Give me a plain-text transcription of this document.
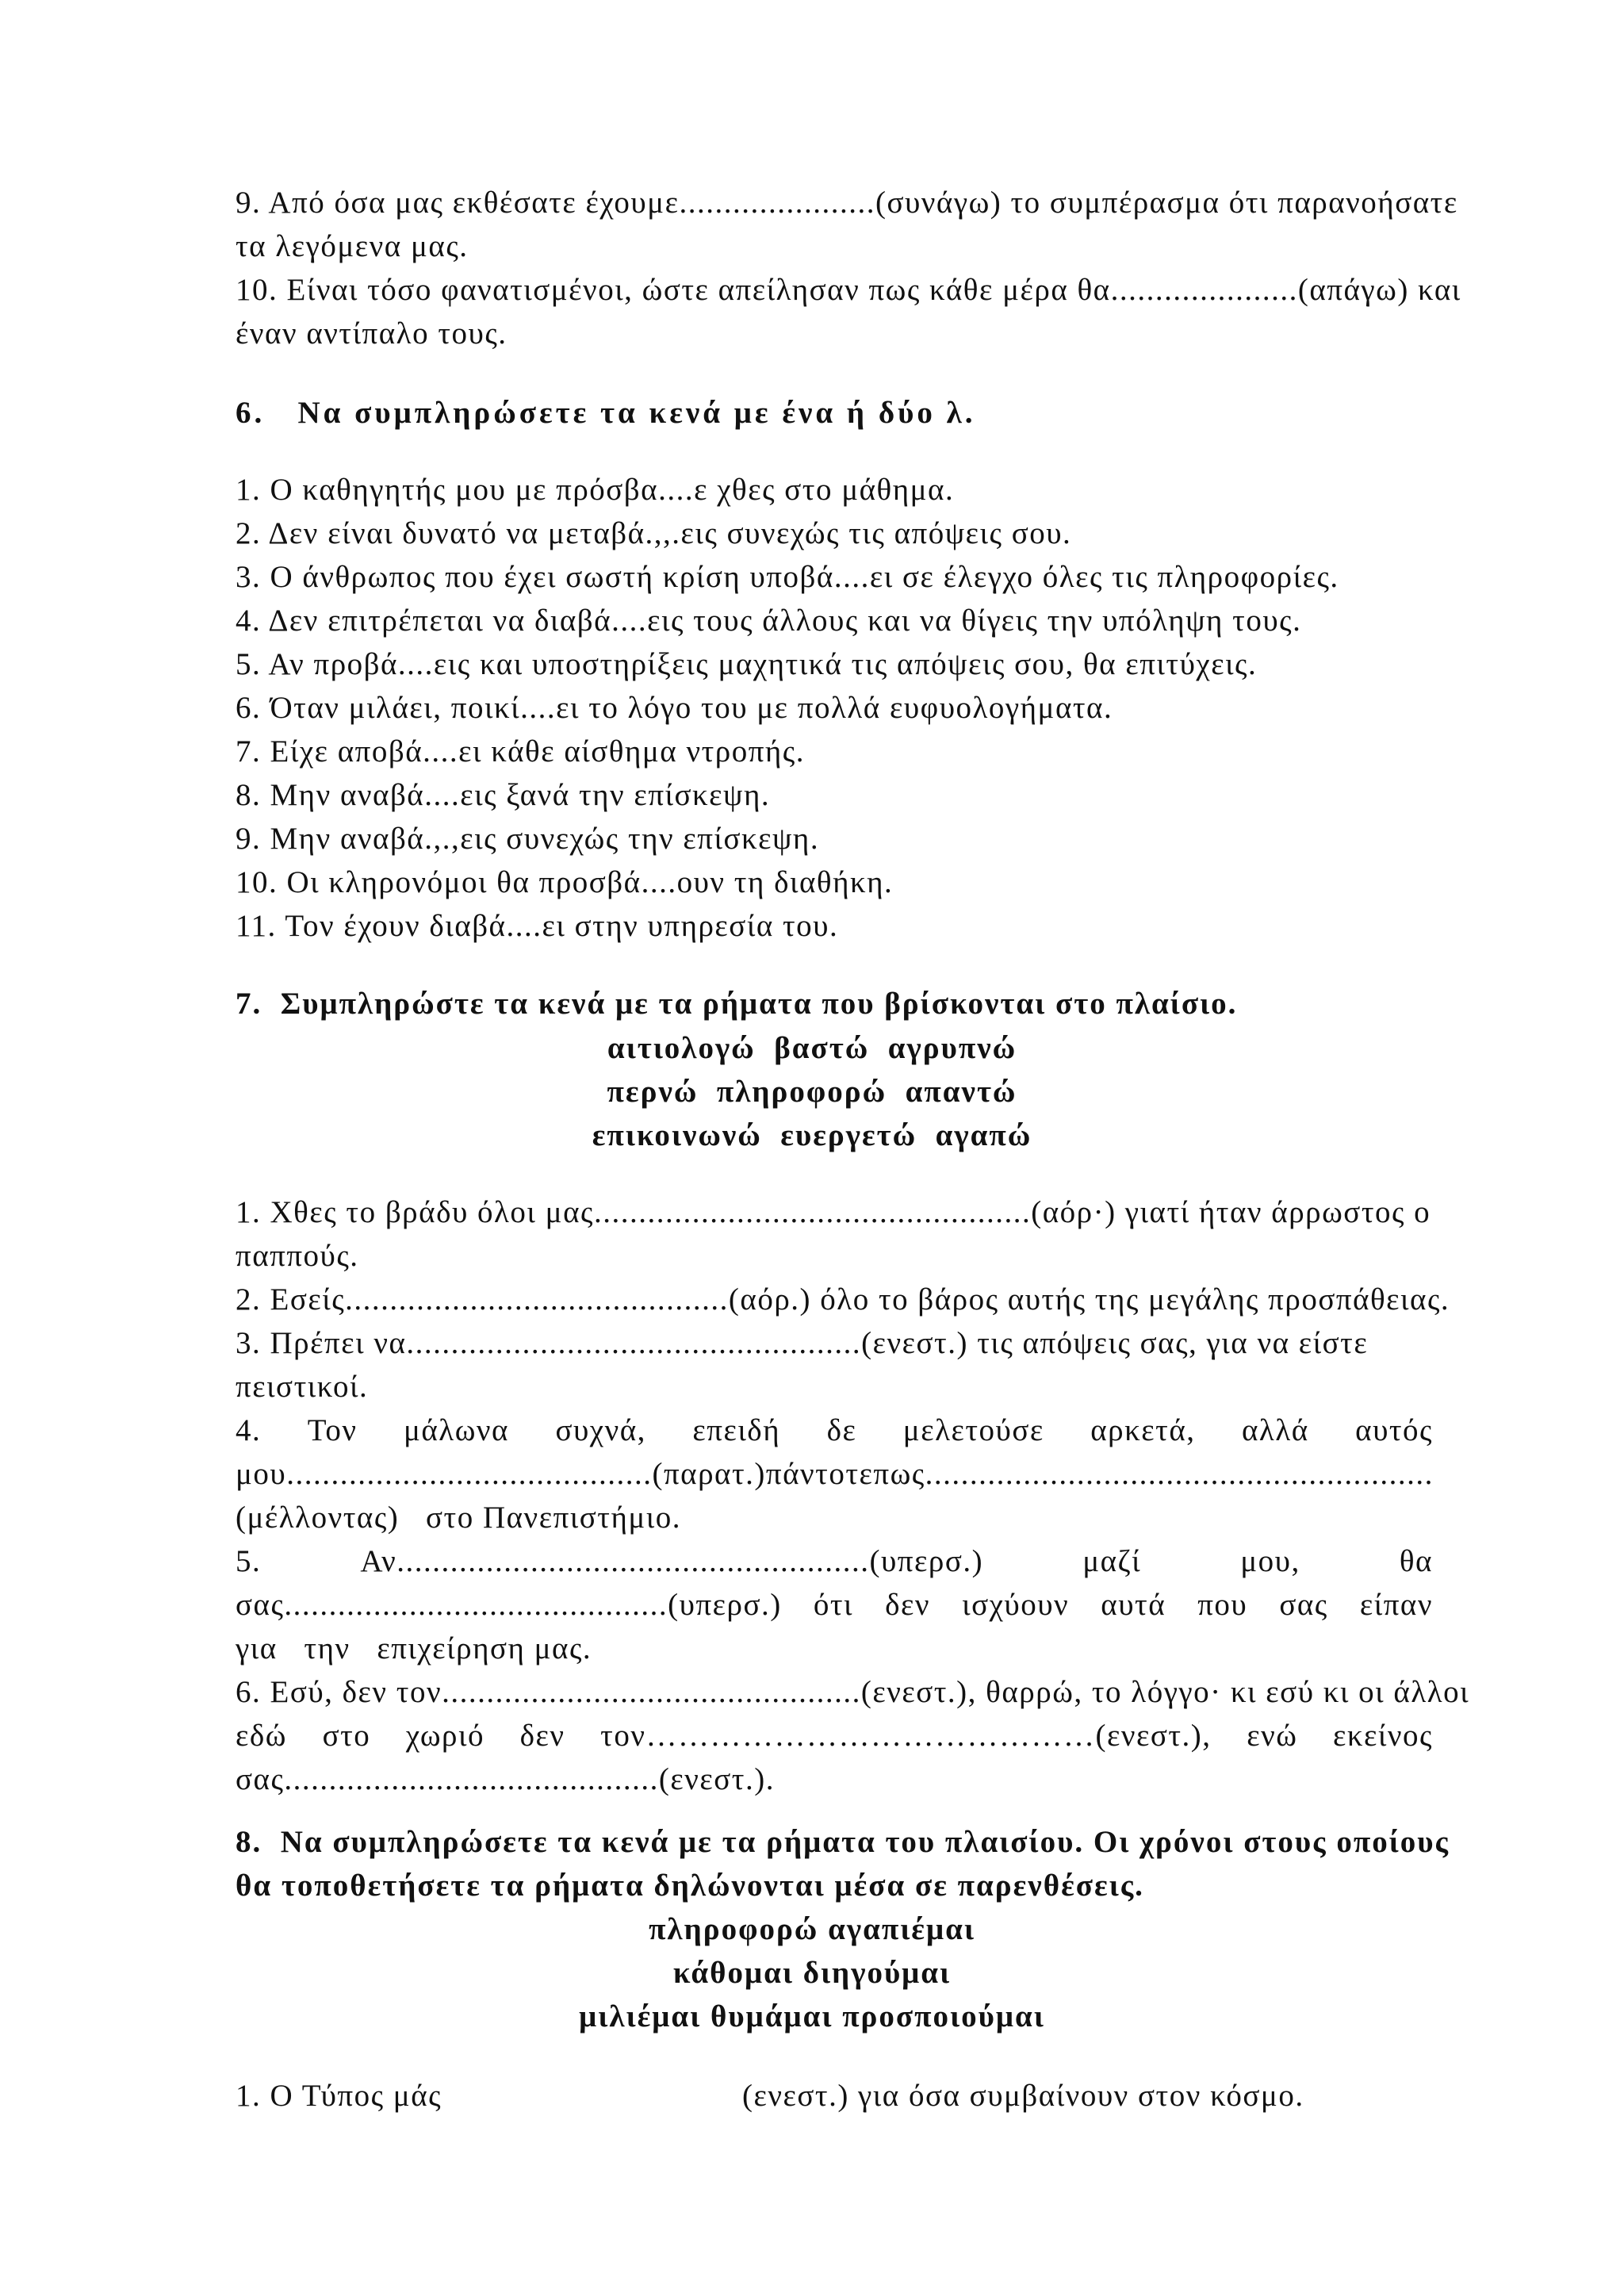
9. Από όσα μας εκθέσατε έχουμε......................(συνάγω) το συμπέρασμα ότι παρανοήσατε
τα λεγόμενα μας.
10. Είναι τόσο φανατισμένοι, ώστε απείλησαν πως κάθε μέρα θα.....................(απάγω) και
έναν αντίπαλο τους.
6.   Να συμπληρώσετε τα κενά με ένα ή δύο λ.
1. Ο καθηγητής μου με πρόσβα....ε χθες στο μάθημα.
2. Δεν είναι δυνατό να μεταβά.,,.εις συνεχώς τις απόψεις σου.
3. Ο άνθρωπος που έχει σωστή κρίση υποβά....ει σε έλεγχο όλες τις πληροφορίες.
4. Δεν επιτρέπεται να διαβά....εις τους άλλους και να θίγεις την υπόληψη τους.
5. Αν προβά....εις και υποστηρίξεις μαχητικά τις απόψεις σου, θα επιτύχεις.
6. Όταν μιλάει, ποικί....ει το λόγο του με πολλά ευφυολογήματα.
7. Είχε αποβά....ει κάθε αίσθημα ντροπής.
8. Μην αναβά....εις ξανά την επίσκεψη.
9. Μην αναβά.,.,εις συνεχώς την επίσκεψη.
10. Οι κληρονόμοι θα προσβά....ουν τη διαθήκη.
11. Τον έχουν διαβά....ει στην υπηρεσία του.
7.  Συμπληρώστε τα κενά με τα ρήματα που βρίσκονται στο πλαίσιο.
αιτιολογώ  βαστώ  αγρυπνώ
περνώ  πληροφορώ  απαντώ
επικοινωνώ  ευεργετώ  αγαπώ
1. Χθες το βράδυ όλοι μας.................................................(αόρ·) γιατί ήταν άρρωστος ο
παππούς.
2. Εσείς...........................................(αόρ.) όλο το βάρος αυτής της μεγάλης προσπάθειας.
3. Πρέπει να...................................................(ενεστ.) τις απόψεις σας, για να είστε
πειστικοί.
4. Τον μάλωνα συχνά, επειδή δε μελετούσε αρκετά, αλλά αυτός
μου.........................................(παρατ.) πάντοτε πως.........................................................
(μέλλοντας)   στο Πανεπιστήμιο.
5.	Αν.....................................................(υπερσ.)	μαζί	μου,	θα
σας...........................................(υπερσ.) ότι δεν ισχύουν αυτά που σας είπαν
για   την   επιχείρηση μας.
6. Εσύ, δεν τον...............................................(ενεστ.), θαρρώ, το λόγγο· κι εσύ κι οι άλλοι
εδώ στο χωριό δεν τον……………………………………(ενεστ.), ενώ εκείνος
σας..........................................(ενεστ.).
8.  Να συμπληρώσετε τα κενά με τα ρήματα του πλαισίου. Οι χρόνοι στους οποίους
θα τοποθετήσετε τα ρήματα δηλώνονται μέσα σε παρενθέσεις.
πληροφορώ αγαπιέμαι
κάθομαι διηγούμαι
μιλιέμαι θυμάμαι προσποιούμαι
1. Ο Τύπος μάς	(ενεστ.) για όσα συμβαίνουν στον κόσμο.
